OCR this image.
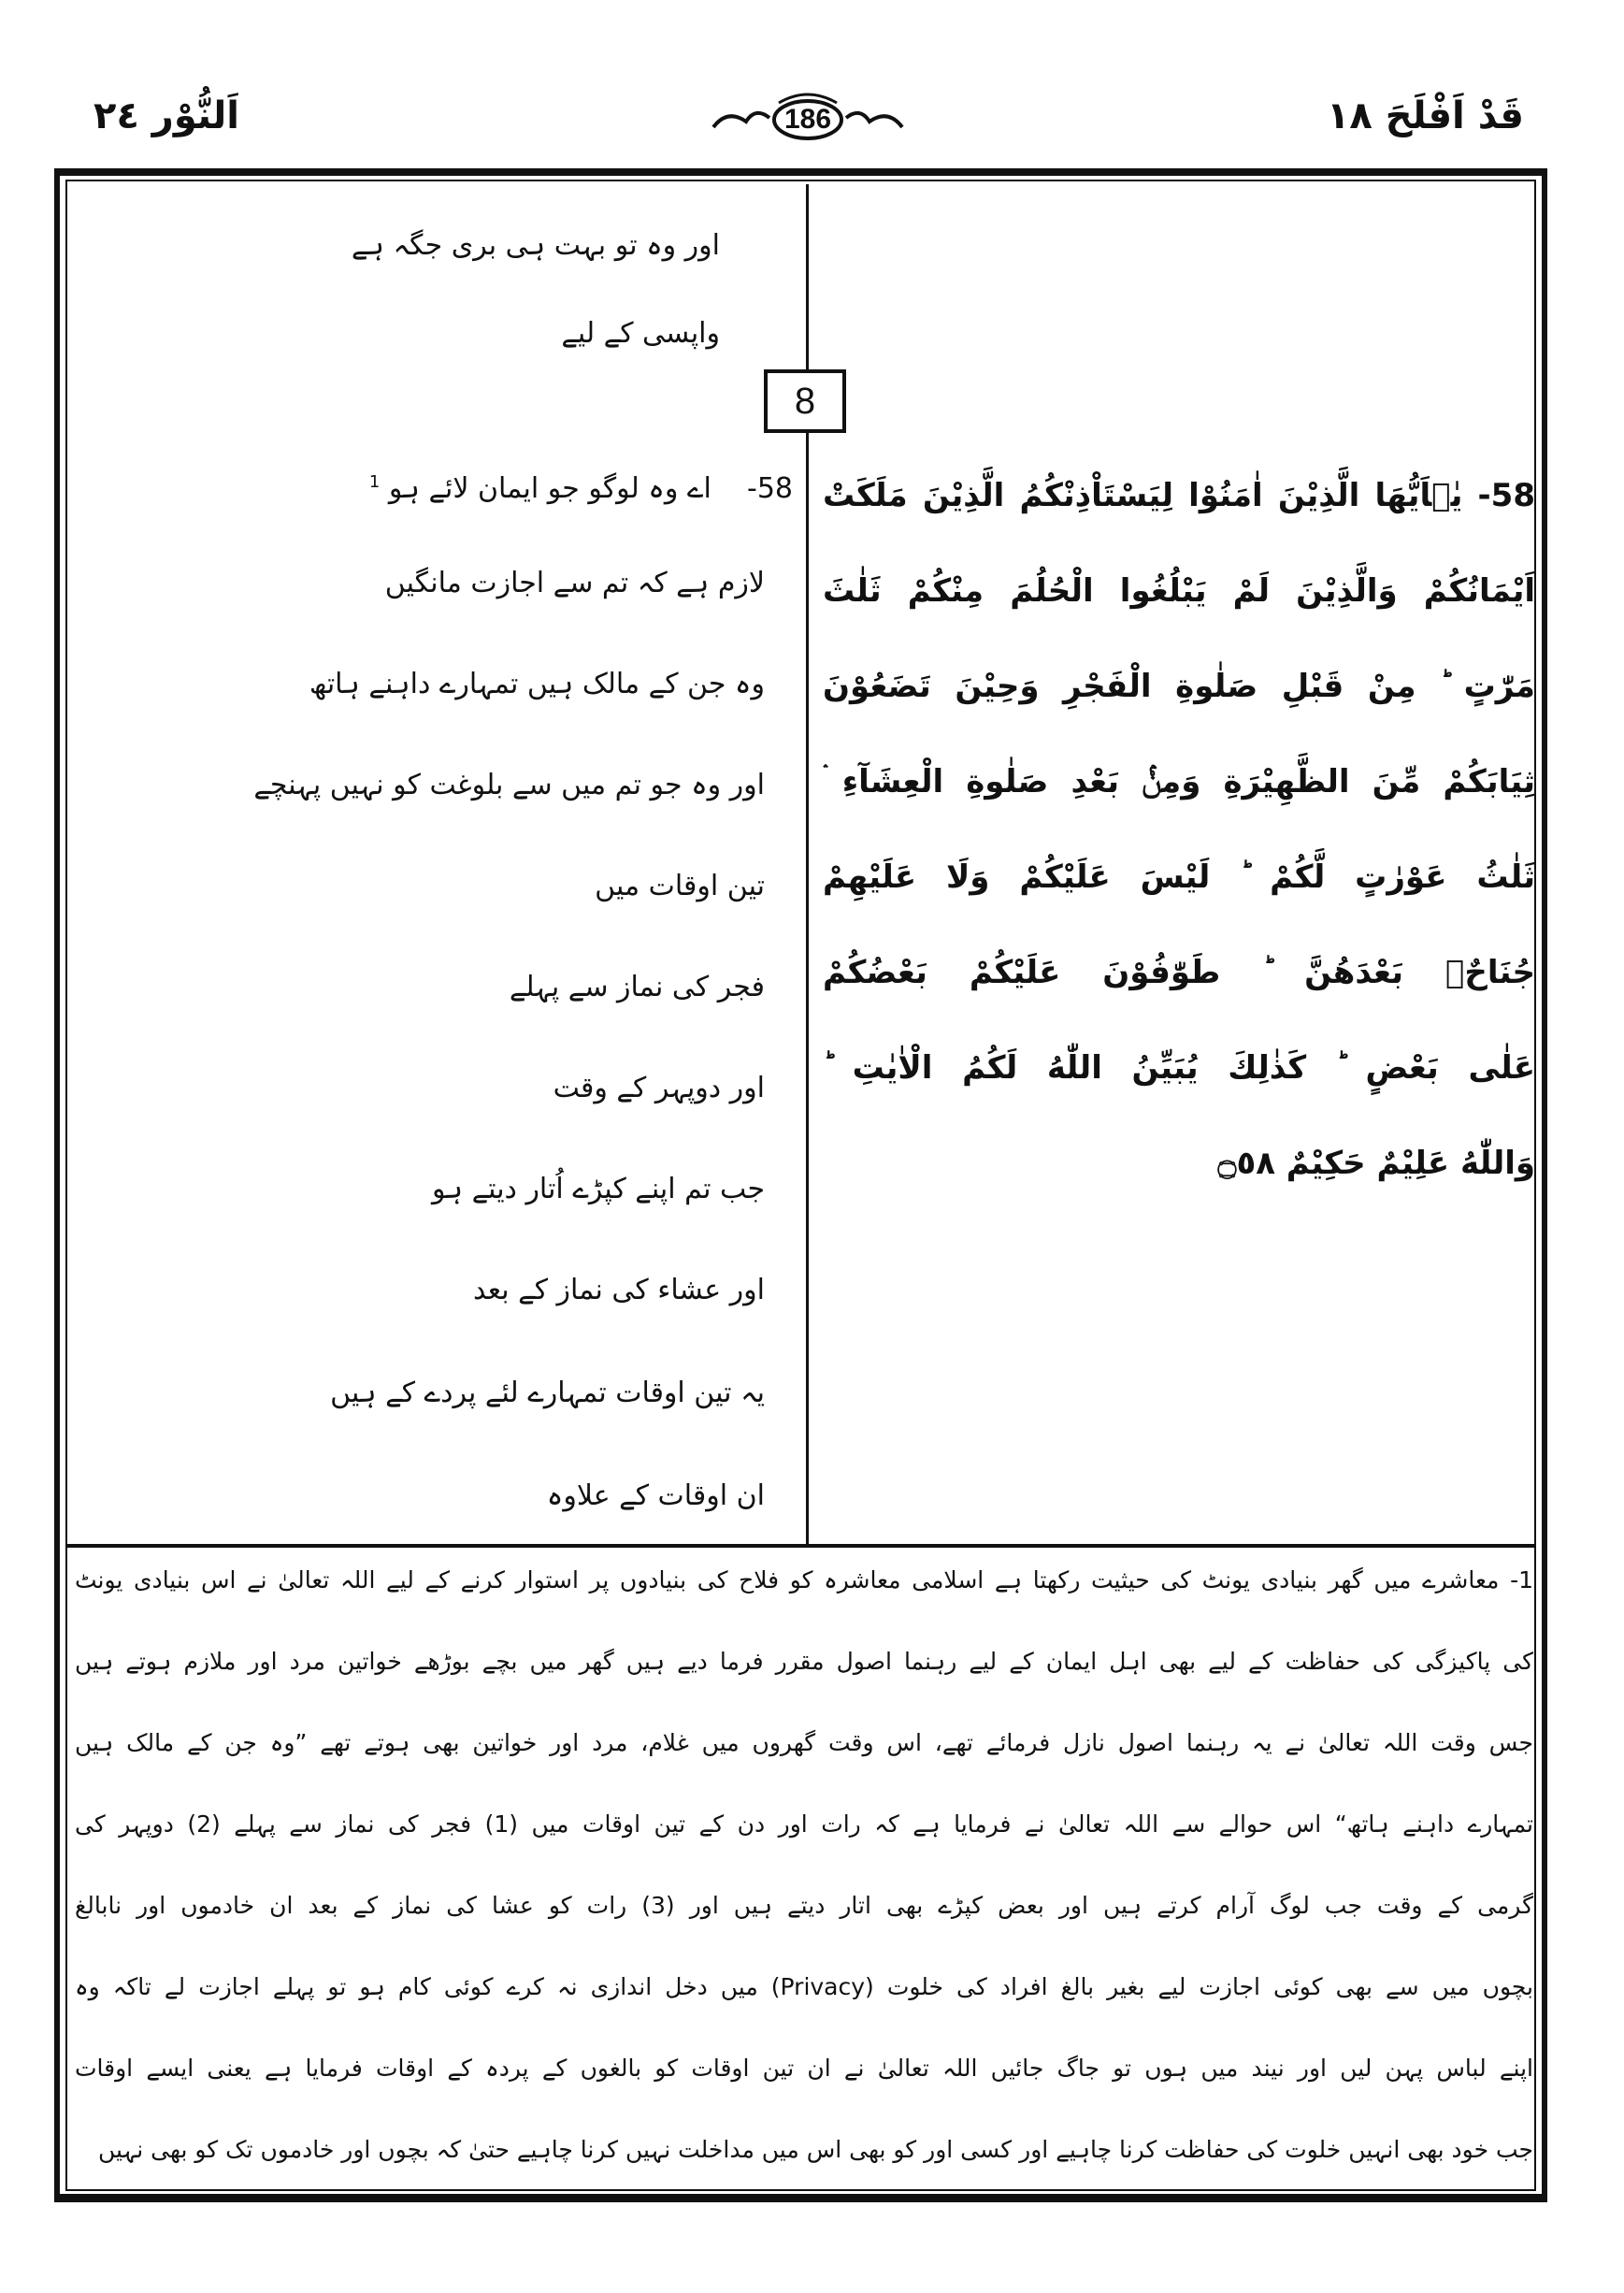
اَلنُّوْر ٢٤	186	قَدْ اَفْلَحَ ١٨
8
58- يٰۤاَيُّهَا الَّذِيْنَ اٰمَنُوْا لِيَسْتَاْذِنْكُمُ الَّذِيْنَ مَلَكَتْ
اَيْمَانُكُمْ وَالَّذِيْنَ لَمْ يَبْلُغُوا الْحُلُمَ مِنْكُمْ ثَلٰثَ
مَرّٰتٍ ؕ مِنْ قَبْلِ صَلٰوةِ الْفَجْرِ وَحِيْنَ تَضَعُوْنَ
ثِيَابَكُمْ مِّنَ الظَّهِيْرَةِ وَمِنْۢ بَعْدِ صَلٰوةِ الْعِشَآءِ ۛ
ثَلٰثُ عَوْرٰتٍ لَّكُمْ ؕ لَيْسَ عَلَيْكُمْ وَلَا عَلَيْهِمْ
جُنَاحٌۢ بَعْدَهُنَّ ؕ طَوّٰفُوْنَ عَلَيْكُمْ بَعْضُكُمْ
عَلٰى بَعْضٍ ؕ كَذٰلِكَ يُبَيِّنُ اللّٰهُ لَكُمُ الْاٰيٰتِ ؕ
وَاللّٰهُ عَلِيْمٌ حَكِيْمٌ ۝٥٨
اور وہ تو بہت ہی بری جگہ ہے
واپسی کے لیے
58-    اے وہ لوگو جو ایمان لائے ہو $^1$
لازم ہے کہ تم سے اجازت مانگیں
وہ جن کے مالک ہیں تمہارے داہنے ہاتھ
اور وہ جو تم میں سے بلوغت کو نہیں پہنچے
تین اوقات میں
فجر کی نماز سے پہلے
اور دوپہر کے وقت
جب تم اپنے کپڑے اُتار دیتے ہو
اور عشاء کی نماز کے بعد
یہ تین اوقات تمہارے لئے پردے کے ہیں
ان اوقات کے علاوہ
1- معاشرے میں گھر بنیادی یونٹ کی حیثیت رکھتا ہے اسلامی معاشرہ کو فلاح کی بنیادوں پر استوار کرنے کے لیے اللہ تعالیٰ نے اس بنیادی یونٹ
کی پاکیزگی کی حفاظت کے لیے بھی اہل ایمان کے لیے رہنما اصول مقرر فرما دیے ہیں گھر میں بچے بوڑھے خواتین مرد اور ملازم ہوتے ہیں
جس وقت اللہ تعالیٰ نے یہ رہنما اصول نازل فرمائے تھے، اس وقت گھروں میں غلام، مرد اور خواتین بھی ہوتے تھے ”وہ جن کے مالک ہیں
تمہارے داہنے ہاتھ“ اس حوالے سے اللہ تعالیٰ نے فرمایا ہے کہ رات اور دن کے تین اوقات میں (1) فجر کی نماز سے پہلے (2) دوپہر کی
گرمی کے وقت جب لوگ آرام کرتے ہیں اور بعض کپڑے بھی اتار دیتے ہیں اور (3) رات کو عشا کی نماز کے بعد ان خادموں اور نابالغ
بچوں میں سے بھی کوئی اجازت لیے بغیر بالغ افراد کی خلوت (Privacy) میں دخل اندازی نہ کرے کوئی کام ہو تو پہلے اجازت لے تاکہ وہ
اپنے لباس پہن لیں اور نیند میں ہوں تو جاگ جائیں اللہ تعالیٰ نے ان تین اوقات کو بالغوں کے پردہ کے اوقات فرمایا ہے یعنی ایسے اوقات
جب خود بھی انہیں خلوت کی حفاظت کرنا چاہیے اور کسی اور کو بھی اس میں مداخلت نہیں کرنا چاہیے حتیٰ کہ بچوں اور خادموں تک کو بھی نہیں
